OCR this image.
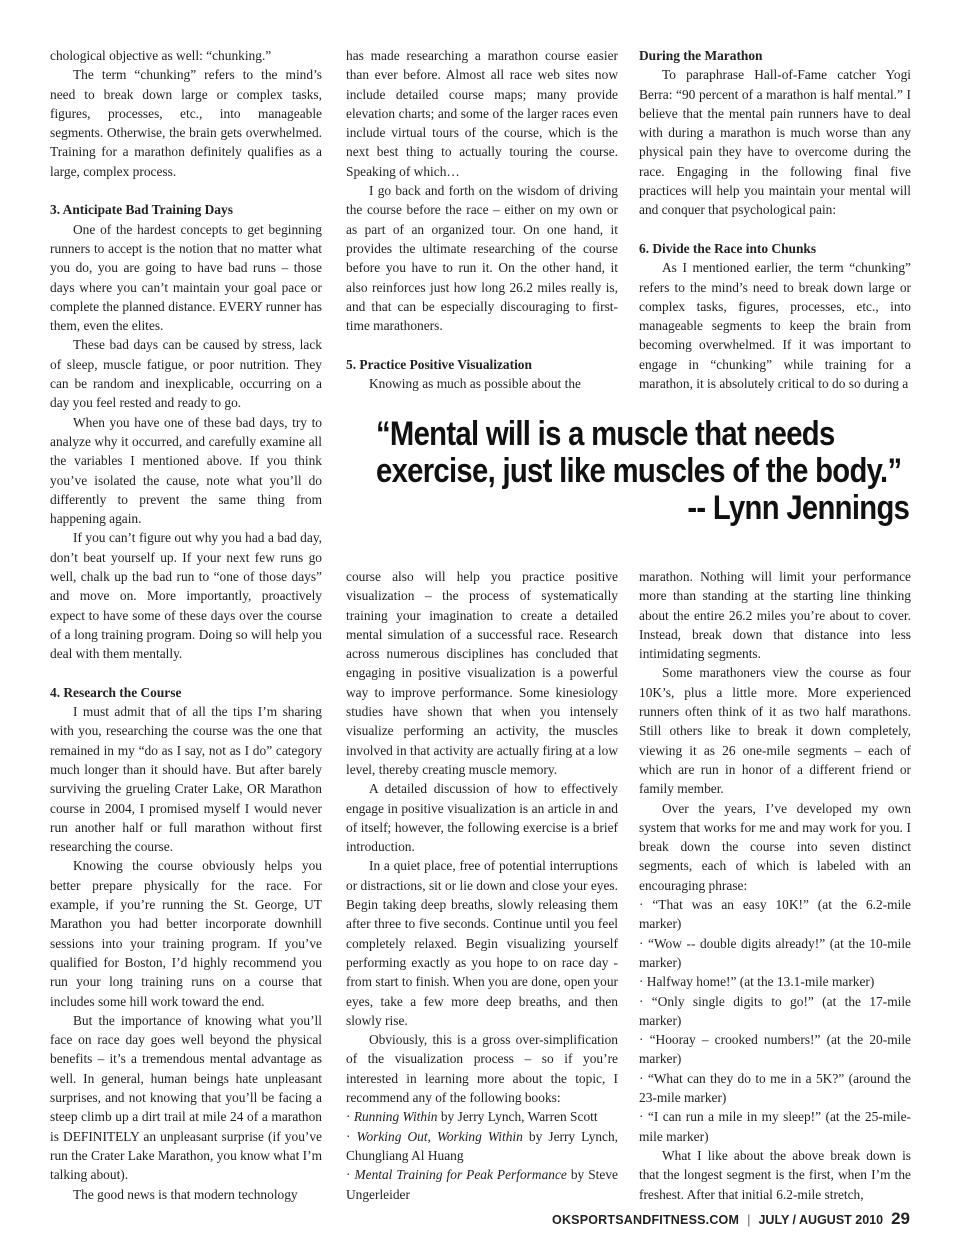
chological objective as well: “chunking.”

The term “chunking” refers to the mind’s need to break down large or complex tasks, figures, processes, etc., into manageable segments. Otherwise, the brain gets overwhelmed. Training for a marathon definitely qualifies as a large, complex process.

3. Anticipate Bad Training Days

One of the hardest concepts to get beginning runners to accept is the notion that no matter what you do, you are going to have bad runs – those days where you can’t maintain your goal pace or complete the planned distance. EVERY runner has them, even the elites.

These bad days can be caused by stress, lack of sleep, muscle fatigue, or poor nutrition. They can be random and inexplicable, occurring on a day you feel rested and ready to go.

When you have one of these bad days, try to analyze why it occurred, and carefully examine all the variables I mentioned above. If you think you’ve isolated the cause, note what you’ll do differently to prevent the same thing from happening again.

If you can’t figure out why you had a bad day, don’t beat yourself up. If your next few runs go well, chalk up the bad run to “one of those days” and move on. More importantly, proactively expect to have some of these days over the course of a long training program. Doing so will help you deal with them mentally.

4. Research the Course

I must admit that of all the tips I’m sharing with you, researching the course was the one that remained in my “do as I say, not as I do” category much longer than it should have. But after barely surviving the grueling Crater Lake, OR Marathon course in 2004, I promised myself I would never run another half or full marathon without first researching the course.

Knowing the course obviously helps you better prepare physically for the race. For example, if you’re running the St. George, UT Marathon you had better incorporate downhill sessions into your training program. If you’ve qualified for Boston, I’d highly recommend you run your long training runs on a course that includes some hill work toward the end.

But the importance of knowing what you’ll face on race day goes well beyond the physical benefits – it’s a tremendous mental advantage as well. In general, human beings hate unpleasant surprises, and not knowing that you’ll be facing a steep climb up a dirt trail at mile 24 of a marathon is DEFINITELY an unpleasant surprise (if you’ve run the Crater Lake Marathon, you know what I’m talking about).

The good news is that modern technology

has made researching a marathon course easier than ever before. Almost all race web sites now include detailed course maps; many provide elevation charts; and some of the larger races even include virtual tours of the course, which is the next best thing to actually touring the course. Speaking of which…

I go back and forth on the wisdom of driving the course before the race – either on my own or as part of an organized tour. On one hand, it provides the ultimate researching of the course before you have to run it. On the other hand, it also reinforces just how long 26.2 miles really is, and that can be especially discouraging to first-time marathoners.

5. Practice Positive Visualization

Knowing as much as possible about the

During the Marathon

To paraphrase Hall-of-Fame catcher Yogi Berra: “90 percent of a marathon is half mental.” I believe that the mental pain runners have to deal with during a marathon is much worse than any physical pain they have to overcome during the race. Engaging in the following final five practices will help you maintain your mental will and conquer that psychological pain:

6. Divide the Race into Chunks

As I mentioned earlier, the term “chunking” refers to the mind’s need to break down large or complex tasks, figures, processes, etc., into manageable segments to keep the brain from becoming overwhelmed. If it was important to engage in “chunking” while training for a marathon, it is absolutely critical to do so during a

“Mental will is a muscle that needs exercise, just like muscles of the body.”
-- Lynn Jennings

course also will help you practice positive visualization – the process of systematically training your imagination to create a detailed mental simulation of a successful race. Research across numerous disciplines has concluded that engaging in positive visualization is a powerful way to improve performance. Some kinesiology studies have shown that when you intensely visualize performing an activity, the muscles involved in that activity are actually firing at a low level, thereby creating muscle memory.

A detailed discussion of how to effectively engage in positive visualization is an article in and of itself; however, the following exercise is a brief introduction.

In a quiet place, free of potential interruptions or distractions, sit or lie down and close your eyes. Begin taking deep breaths, slowly releasing them after three to five seconds. Continue until you feel completely relaxed. Begin visualizing yourself performing exactly as you hope to on race day - from start to finish. When you are done, open your eyes, take a few more deep breaths, and then slowly rise.

Obviously, this is a gross over-simplification of the visualization process – so if you’re interested in learning more about the topic, I recommend any of the following books:

· Running Within by Jerry Lynch, Warren Scott

· Working Out, Working Within by Jerry Lynch, Chungliang Al Huang

· Mental Training for Peak Performance by Steve Ungerleider

marathon. Nothing will limit your performance more than standing at the starting line thinking about the entire 26.2 miles you’re about to cover. Instead, break down that distance into less intimidating segments.

Some marathoners view the course as four 10K’s, plus a little more. More experienced runners often think of it as two half marathons. Still others like to break it down completely, viewing it as 26 one-mile segments – each of which are run in honor of a different friend or family member.

Over the years, I’ve developed my own system that works for me and may work for you. I break down the course into seven distinct segments, each of which is labeled with an encouraging phrase:

· “That was an easy 10K!” (at the 6.2-mile marker)

· “Wow -- double digits already!” (at the 10-mile marker)

· Halfway home!” (at the 13.1-mile marker)

· “Only single digits to go!” (at the 17-mile marker)

· “Hooray – crooked numbers!” (at the 20-mile marker)

· “What can they do to me in a 5K?” (around the 23-mile marker)

· “I can run a mile in my sleep!” (at the 25-mile-mile marker)

What I like about the above break down is that the longest segment is the first, when I’m the freshest. After that initial 6.2-mile stretch,

OKSPORTSANDFITNESS.COM | JULY / AUGUST 2010 29
